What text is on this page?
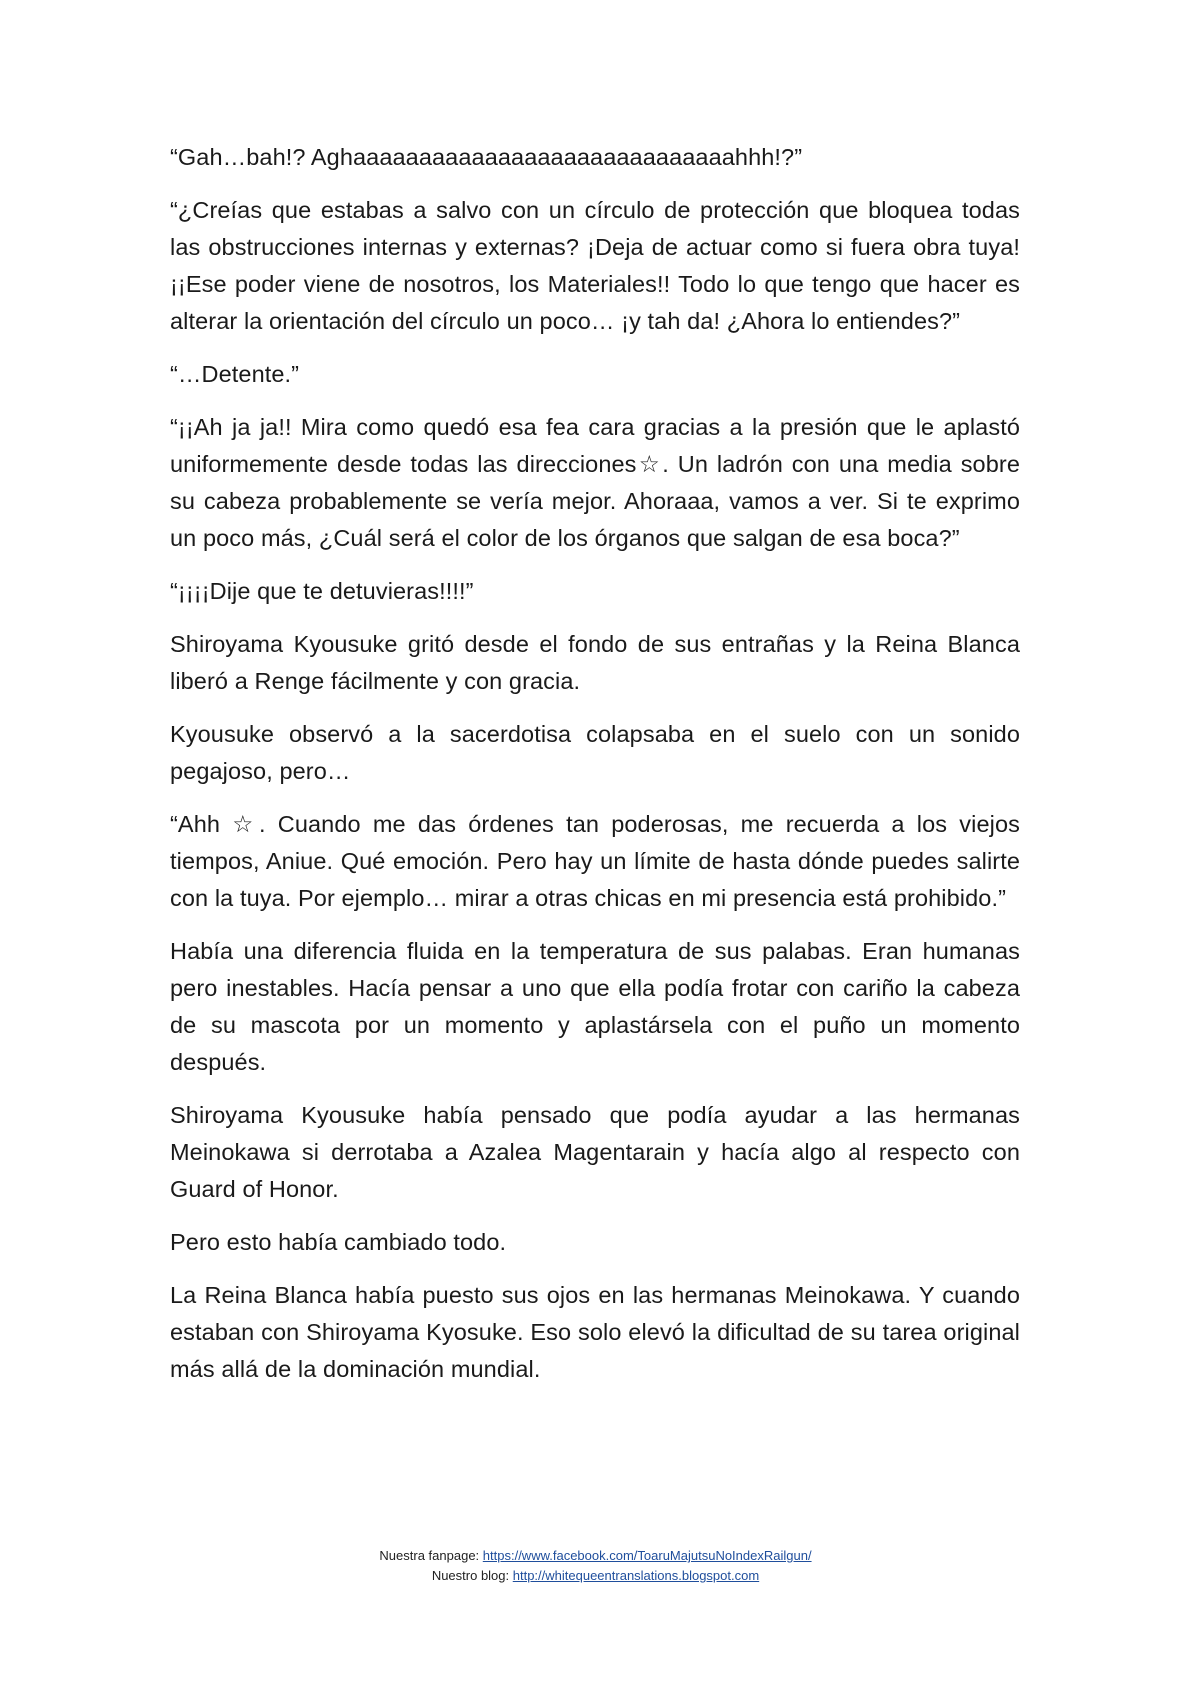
“Gah…bah!? Aghaaaaaaaaaaaaaaaaaaaaaaaaaaaaahhh!?”

“¿Creías que estabas a salvo con un círculo de protección que bloquea todas las obstrucciones internas y externas? ¡Deja de actuar como si fuera obra tuya! ¡¡Ese poder viene de nosotros, los Materiales!! Todo lo que tengo que hacer es alterar la orientación del círculo un poco… ¡y tah da! ¿Ahora lo entiendes?”

“…Detente.”

“¡¡Ah ja ja!! Mira como quedó esa fea cara gracias a la presión que le aplastó uniformemente desde todas las direcciones☆. Un ladrón con una media sobre su cabeza probablemente se vería mejor. Ahoraaa, vamos a ver. Si te exprimo un poco más, ¿Cuál será el color de los órganos que salgan de esa boca?”

“¡¡¡¡Dije que te detuvieras!!!!”

Shiroyama Kyousuke gritó desde el fondo de sus entrañas y la Reina Blanca liberó a Renge fácilmente y con gracia.

Kyousuke observó a la sacerdotisa colapsaba en el suelo con un sonido pegajoso, pero…

“Ahh ☆. Cuando me das órdenes tan poderosas, me recuerda a los viejos tiempos, Aniue. Qué emoción. Pero hay un límite de hasta dónde puedes salirte con la tuya. Por ejemplo… mirar a otras chicas en mi presencia está prohibido.”

Había una diferencia fluida en la temperatura de sus palabas. Eran humanas pero inestables. Hacía pensar a uno que ella podía frotar con cariño la cabeza de su mascota por un momento y aplastársela con el puño un momento después.

Shiroyama Kyousuke había pensado que podía ayudar a las hermanas Meinokawa si derrotaba a Azalea Magentarain y hacía algo al respecto con Guard of Honor.

Pero esto había cambiado todo.

La Reina Blanca había puesto sus ojos en las hermanas Meinokawa. Y cuando estaban con Shiroyama Kyosuke. Eso solo elevó la dificultad de su tarea original más allá de la dominación mundial.

Nuestra fanpage: https://www.facebook.com/ToaruMajutsuNoIndexRailgun/
Nuestro blog: http://whitequeentranslations.blogspot.com
